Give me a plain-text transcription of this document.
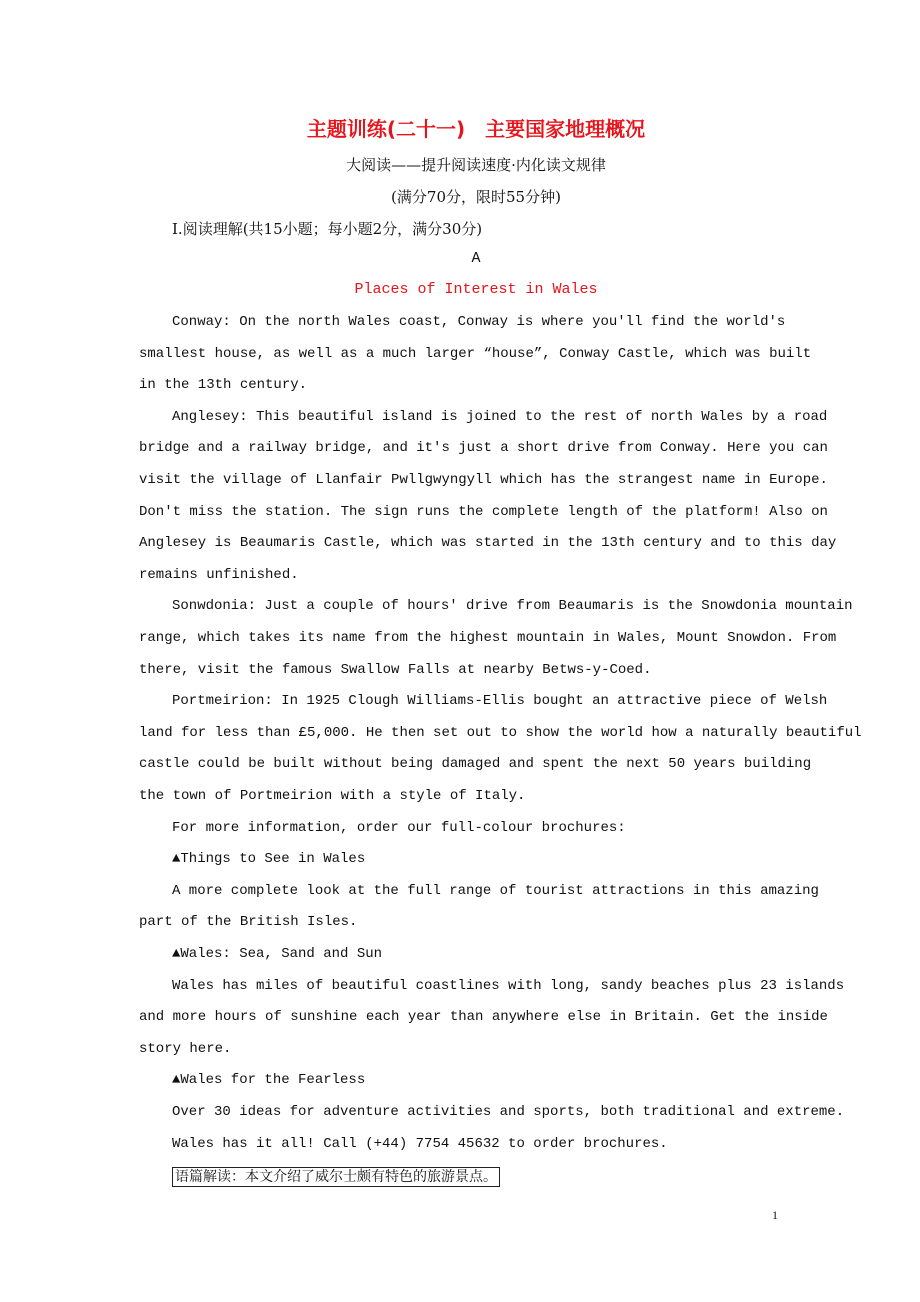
主题训练(二十一)　主要国家地理概况
大阅读——提升阅读速度·内化读文规律
(满分70分，限时55分钟)
Ⅰ.阅读理解(共15小题；每小题2分，满分30分)
A
Places of Interest in Wales
Conway: On the north Wales coast, Conway is where you'll find the world's
smallest house, as well as a much larger “house”, Conway Castle, which was built
in the 13th century.
Anglesey: This beautiful island is joined to the rest of north Wales by a road
bridge and a railway bridge, and it's just a short drive from Conway. Here you can
visit the village of Llanfair Pwllgwyngyll which has the strangest name in Europe.
Don't miss the station. The sign runs the complete length of the platform! Also on
Anglesey is Beaumaris Castle, which was started in the 13th century and to this day
remains unfinished.
Sonwdonia: Just a couple of hours' drive from Beaumaris is the Snowdonia mountain
range, which takes its name from the highest mountain in Wales, Mount Snowdon. From
there, visit the famous Swallow Falls at nearby Betws-y-Coed.
Portmeirion: In 1925 Clough Williams-Ellis bought an attractive piece of Welsh
land for less than £5,000. He then set out to show the world how a naturally beautiful
castle could be built without being damaged and spent the next 50 years building
the town of Portmeirion with a style of Italy.
For more information, order our full-colour brochures:
▲Things to See in Wales
A more complete look at the full range of tourist attractions in this amazing
part of the British Isles.
▲Wales: Sea, Sand and Sun
Wales has miles of beautiful coastlines with long, sandy beaches plus 23 islands
and more hours of sunshine each year than anywhere else in Britain. Get the inside
story here.
▲Wales for the Fearless
Over 30 ideas for adventure activities and sports, both traditional and extreme.
Wales has it all! Call (+44) 7754 45632 to order brochures.
语篇解读：本文介绍了威尔士颇有特色的旅游景点。
1
